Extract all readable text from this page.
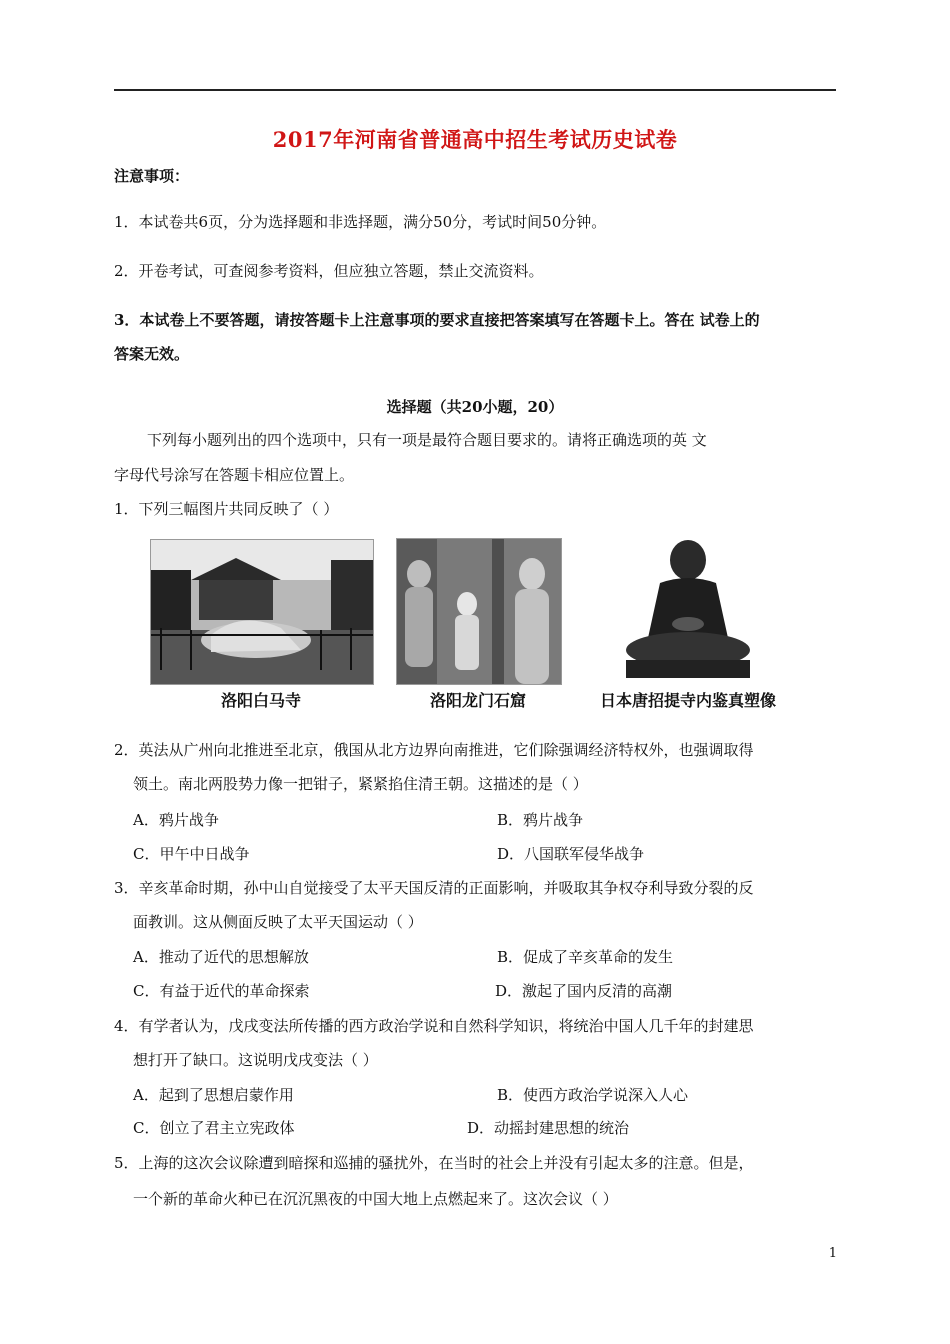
2017年河南省普通高中招生考试历史试卷
注意事项：
1．本试卷共6页，分为选择题和非选择题，满分50分，考试时间50分钟。
2．开卷考试，可查阅参考资料，但应独立答题，禁止交流资料。
3．本试卷上不要答题，请按答题卡上注意事项的要求直接把答案填写在答题卡上。答在 试卷上的
答案无效。
选择题（共20小题，20）
下列每小题列出的四个选项中，只有一项是最符合题目要求的。请将正确选项的英 文
字母代号涂写在答题卡相应位置上。
1．下列三幅图片共同反映了（ ）
洛阳白马寺	洛阳龙门石窟	日本唐招提寺内鉴真塑像
2．英法从广州向北推进至北京，俄国从北方边界向南推进，它们除强调经济特权外，也强调取得
领土。南北两股势力像一把钳子，紧紧掐住清王朝。这描述的是（ ）
A．鸦片战争	B．鸦片战争
C．甲午中日战争	D．八国联军侵华战争
3．辛亥革命时期，孙中山自觉接受了太平天国反清的正面影响，并吸取其争权夺利导致分裂的反
面教训。这从侧面反映了太平天国运动（ ）
A．推动了近代的思想解放	B．促成了辛亥革命的发生
C．有益于近代的革命探索	D．激起了国内反清的高潮
4．有学者认为，戊戌变法所传播的西方政治学说和自然科学知识，将统治中国人几千年的封建思
想打开了缺口。这说明戊戌变法（ ）
A．起到了思想启蒙作用	B．使西方政治学说深入人心
C．创立了君主立宪政体	D．动摇封建思想的统治
5．上海的这次会议除遭到暗探和巡捕的骚扰外，在当时的社会上并没有引起太多的注意。但是，
一个新的革命火种已在沉沉黑夜的中国大地上点燃起来了。这次会议（ ）
1
